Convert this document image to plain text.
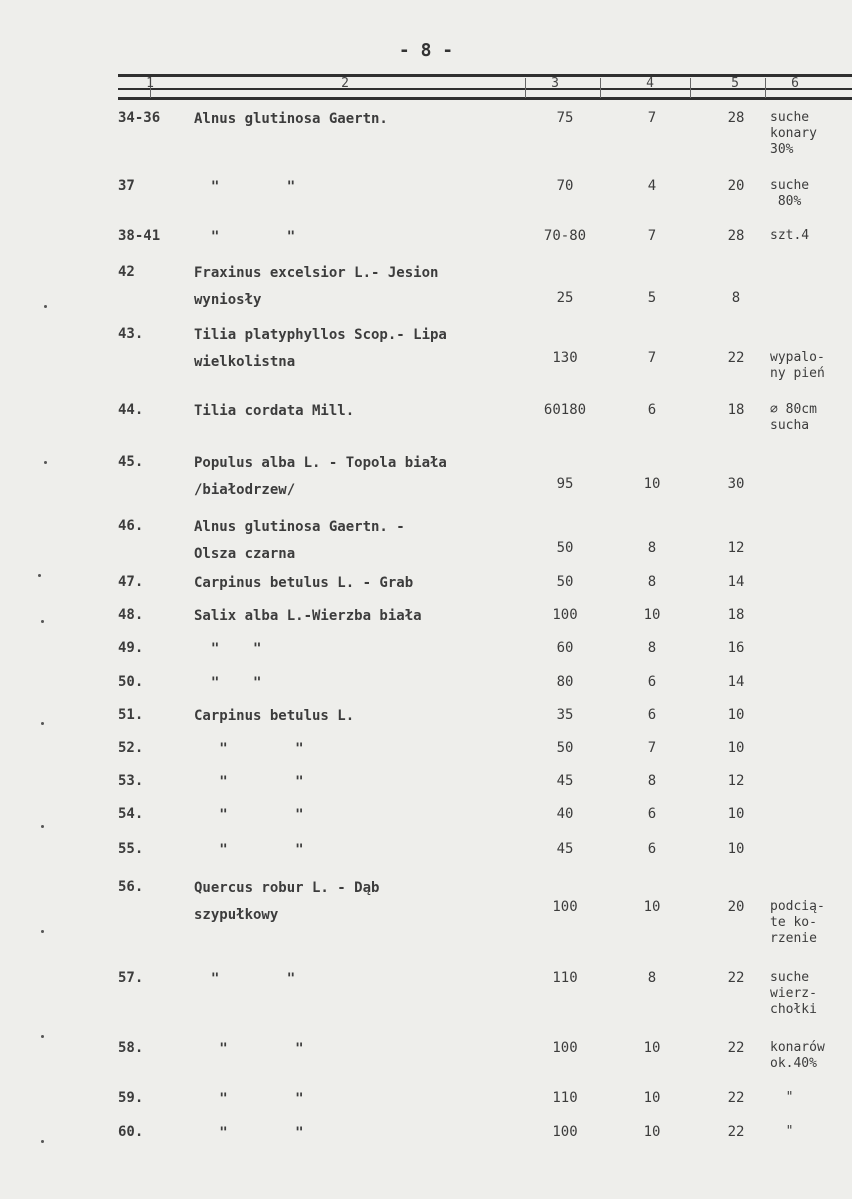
- 8 -
1	2	3	4	5	6
34-36	Alnus glutinosa Gaertn.	75	7	28	suche
konary
30%
37	"        "	70	4	20	suche
80%
38-41	"        "	70-80	7	28	szt.4
42	Fraxinus excelsior L.- Jesion
wyniosły	25	5	8
43.	Tilia platyphyllos Scop.- Lipa
wielkolistna	130	7	22	wypalo-
ny pień
44.	Tilia cordata Mill.	60180	6	18	∅ 80cm
sucha
45.	Populus alba L. - Topola biała
/białodrzew/	95	10	30
46.	Alnus glutinosa Gaertn. -
Olsza czarna	50	8	12
47.	Carpinus betulus L. - Grab	50	8	14
48.	Salix alba L.-Wierzba biała	100	10	18
49.	"    "	60	8	16
50.	"    "	80	6	14
51.	Carpinus betulus L.	35	6	10
52.	"        "	50	7	10
53.	"        "	45	8	12
54.	"        "	40	6	10
55.	"        "	45	6	10
56.	Quercus robur L. - Dąb
szypułkowy	100	10	20	podcią-
te ko-
rzenie
57.	"        "	110	8	22	suche
wierz-
chołki
58.	"        "	100	10	22	konarów
ok.40%
59.	"        "	110	10	22	"
60.	"        "	100	10	22	"
